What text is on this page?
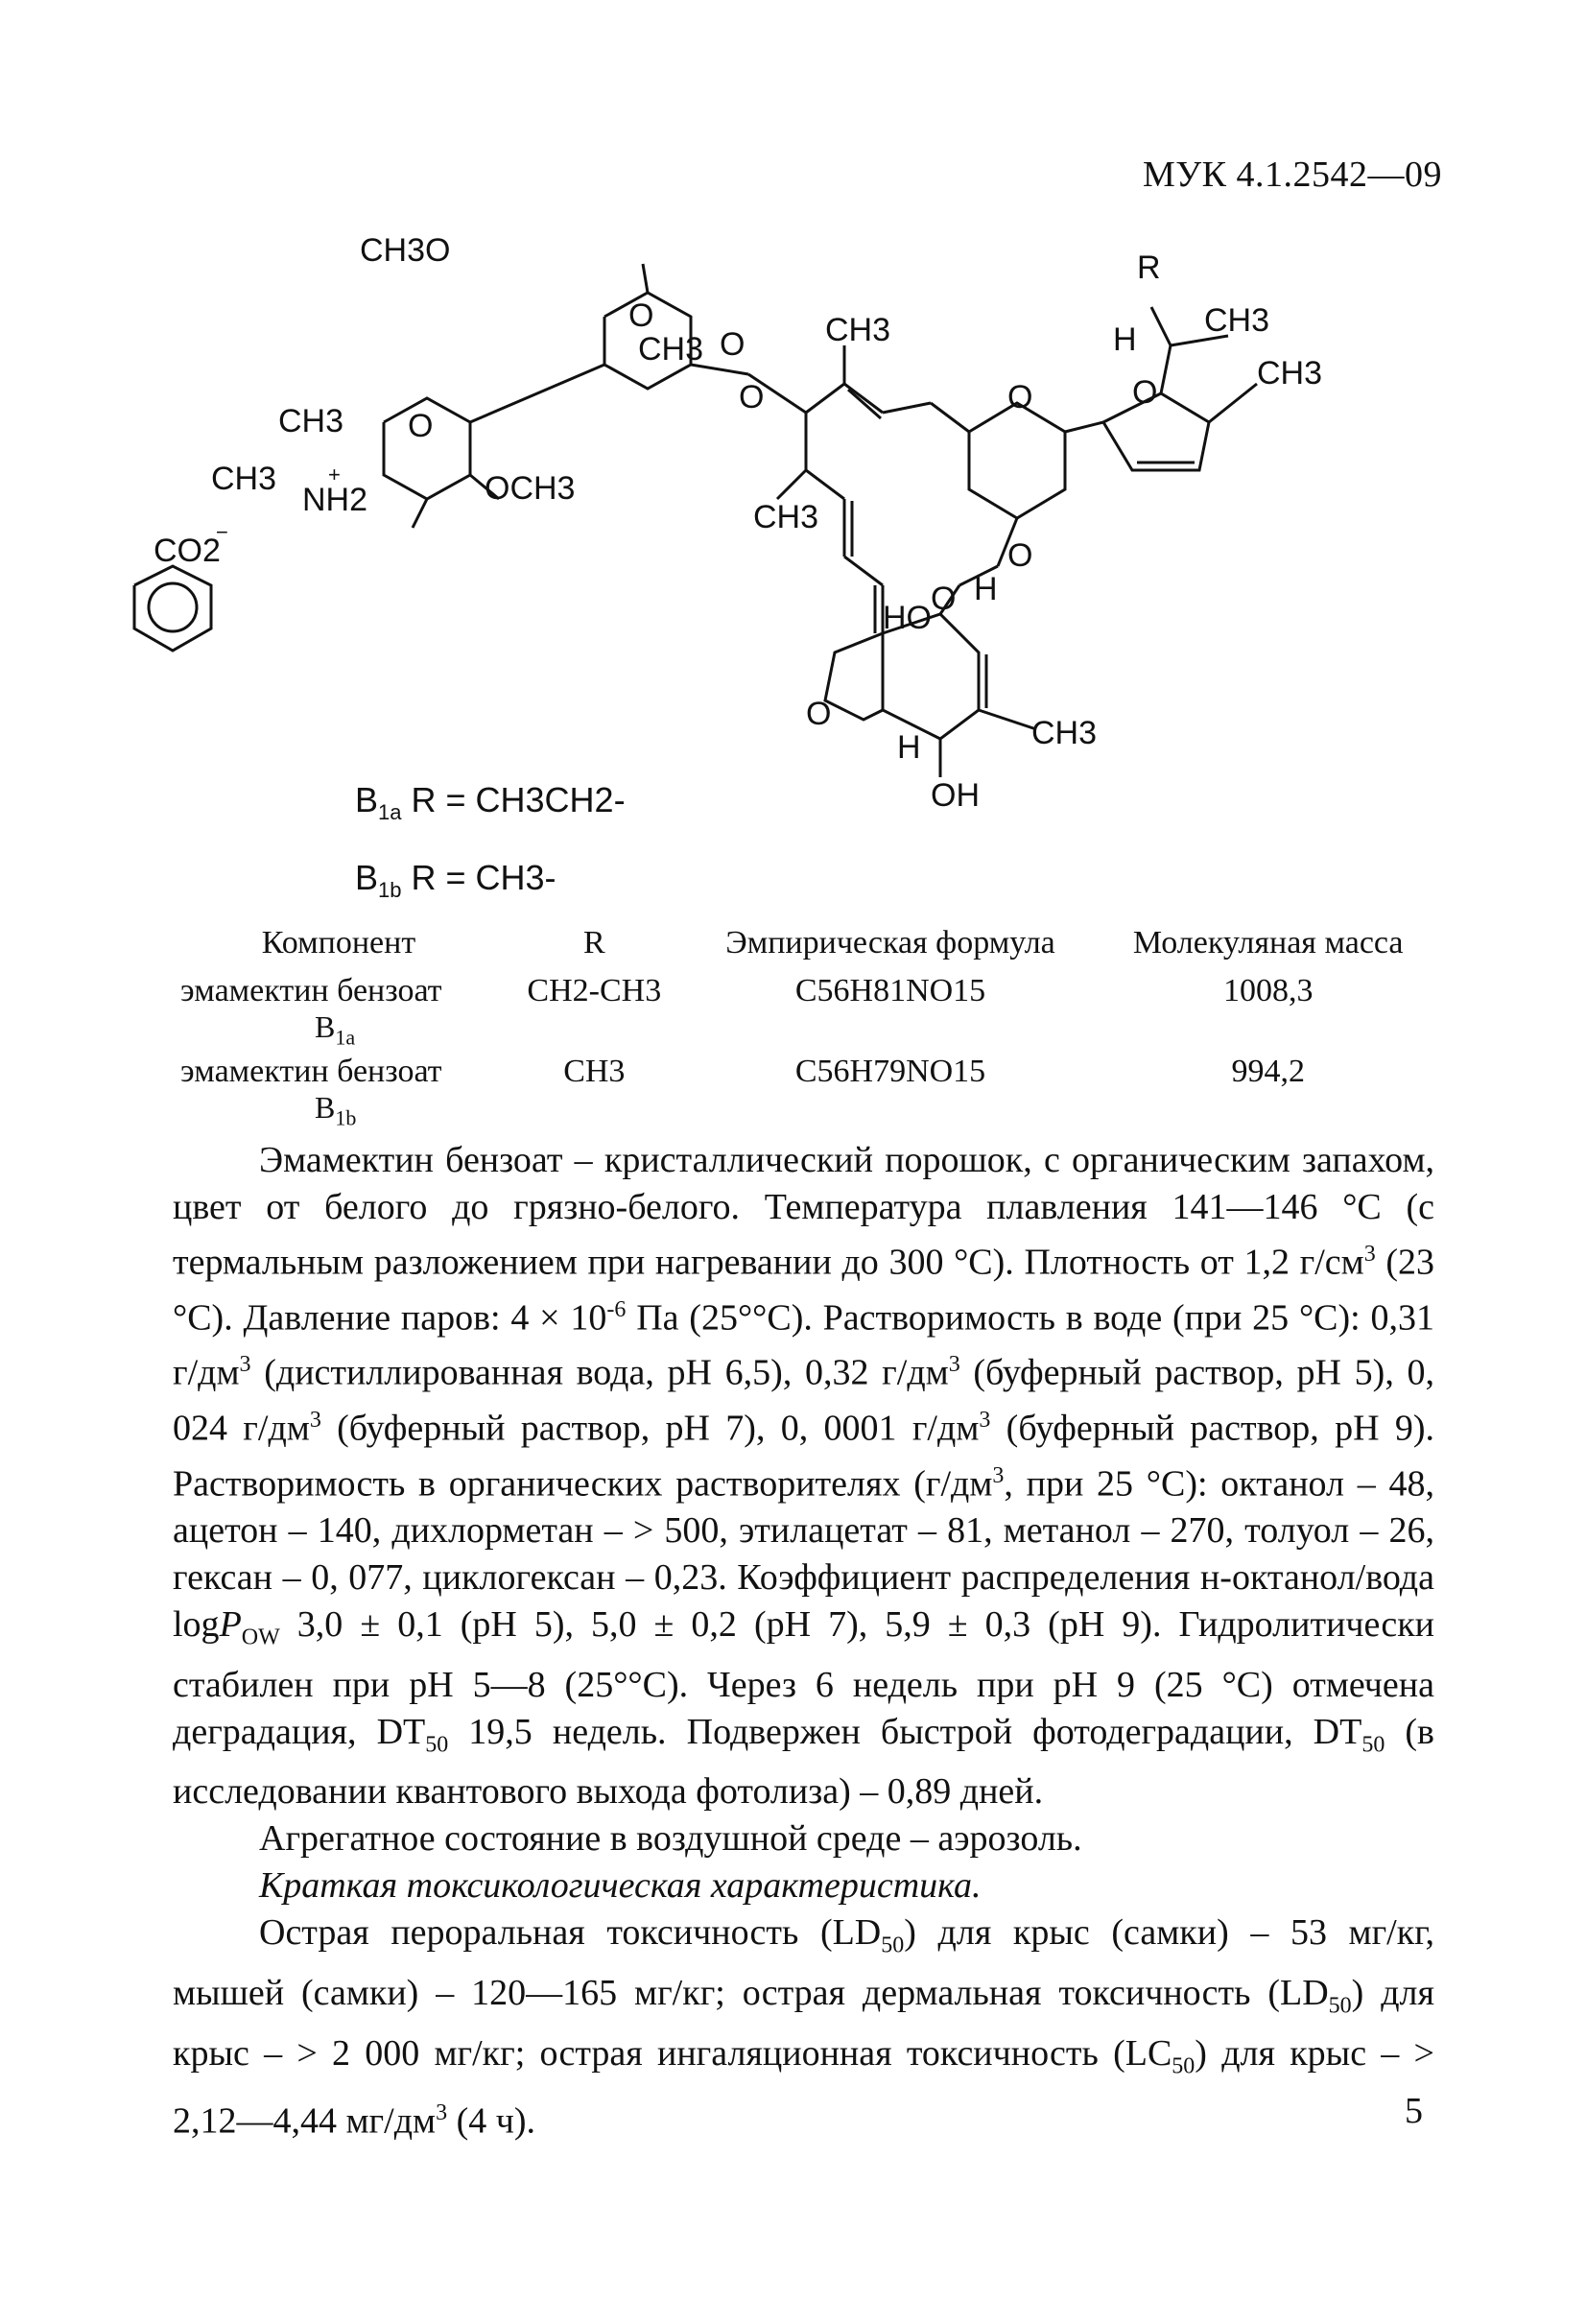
МУК 4.1.2542—09
CH3O
O
CH3 O
CH3 O
CH3
NH2
+	OCH3
CO2
−
O
CH3
CH3
O	O
O
R
H
CH3
CH3
O
HO
H
O
H
OH
CH3
$B_{1a}$ R = CH3CH2-
$B_{1b}$ R = CH3-
Компонент	R	Эмпирическая формула	Молекуляная масса
эмамектин бензоат
$B_{1a}$	CH2-CH3	C56H81NO15	1008,3
эмамектин бензоат
$B_{1b}$	CH3	C56H79NO15	994,2

Эмамектин бензоат – кристаллический порошок, с органическим запахом, цвет от белого до грязно-белого. Температура плавления 141—146 °С (с термальным разложением при нагревании до 300 °С). Плотность от 1,2 $г/см^3$ (23 °С). Давление паров: $4 \times 10^{-6}$ Па (25°°С). Растворимость в воде (при 25 °С): 0,31 $г/дм^3$ (дистиллированная вода, pH 6,5), 0,32 $г/дм^3$ (буферный раствор, pH 5), 0, 024 $г/дм^3$ (буферный раствор, pH 7), 0, 0001 $г/дм^3$ (буферный раствор, pH 9). Растворимость в органических растворителях ($г/дм^3$, при 25 °С): октанол – 48, ацетон – 140, дихлорметан – > 500, этилацетат – 81, метанол – 270, толуол – 26, гексан – 0, 077, циклогексан – 0,23. Коэффициент распределения н-октанол/вода logP$_{OW}$ 3,0 ± 0,1 (pH 5), 5,0 ± 0,2 (pH 7), 5,9 ± 0,3 (pH 9). Гидролитически стабилен при pH 5—8 (25°°С). Через 6 недель при pH 9 (25 °С) отмечена деградация, $DT_{50}$ 19,5 недель. Подвержен быстрой фотодеградации, $DT_{50}$ (в исследовании квантового выхода фотолиза) – 0,89 дней.

Агрегатное состояние в воздушной среде – аэрозоль.

Краткая токсикологическая характеристика.

Острая пероральная токсичность $(LD_{50})$ для крыс (самки) – 53 мг/кг, мышей (самки) – 120—165 мг/кг; острая дермальная токсичность $(LD_{50})$ для крыс – > 2 000 мг/кг; острая ингаляционная токсичность $(LC_{50})$ для крыс – > 2,12—4,44 $мг/дм^3$ (4 ч).	5
